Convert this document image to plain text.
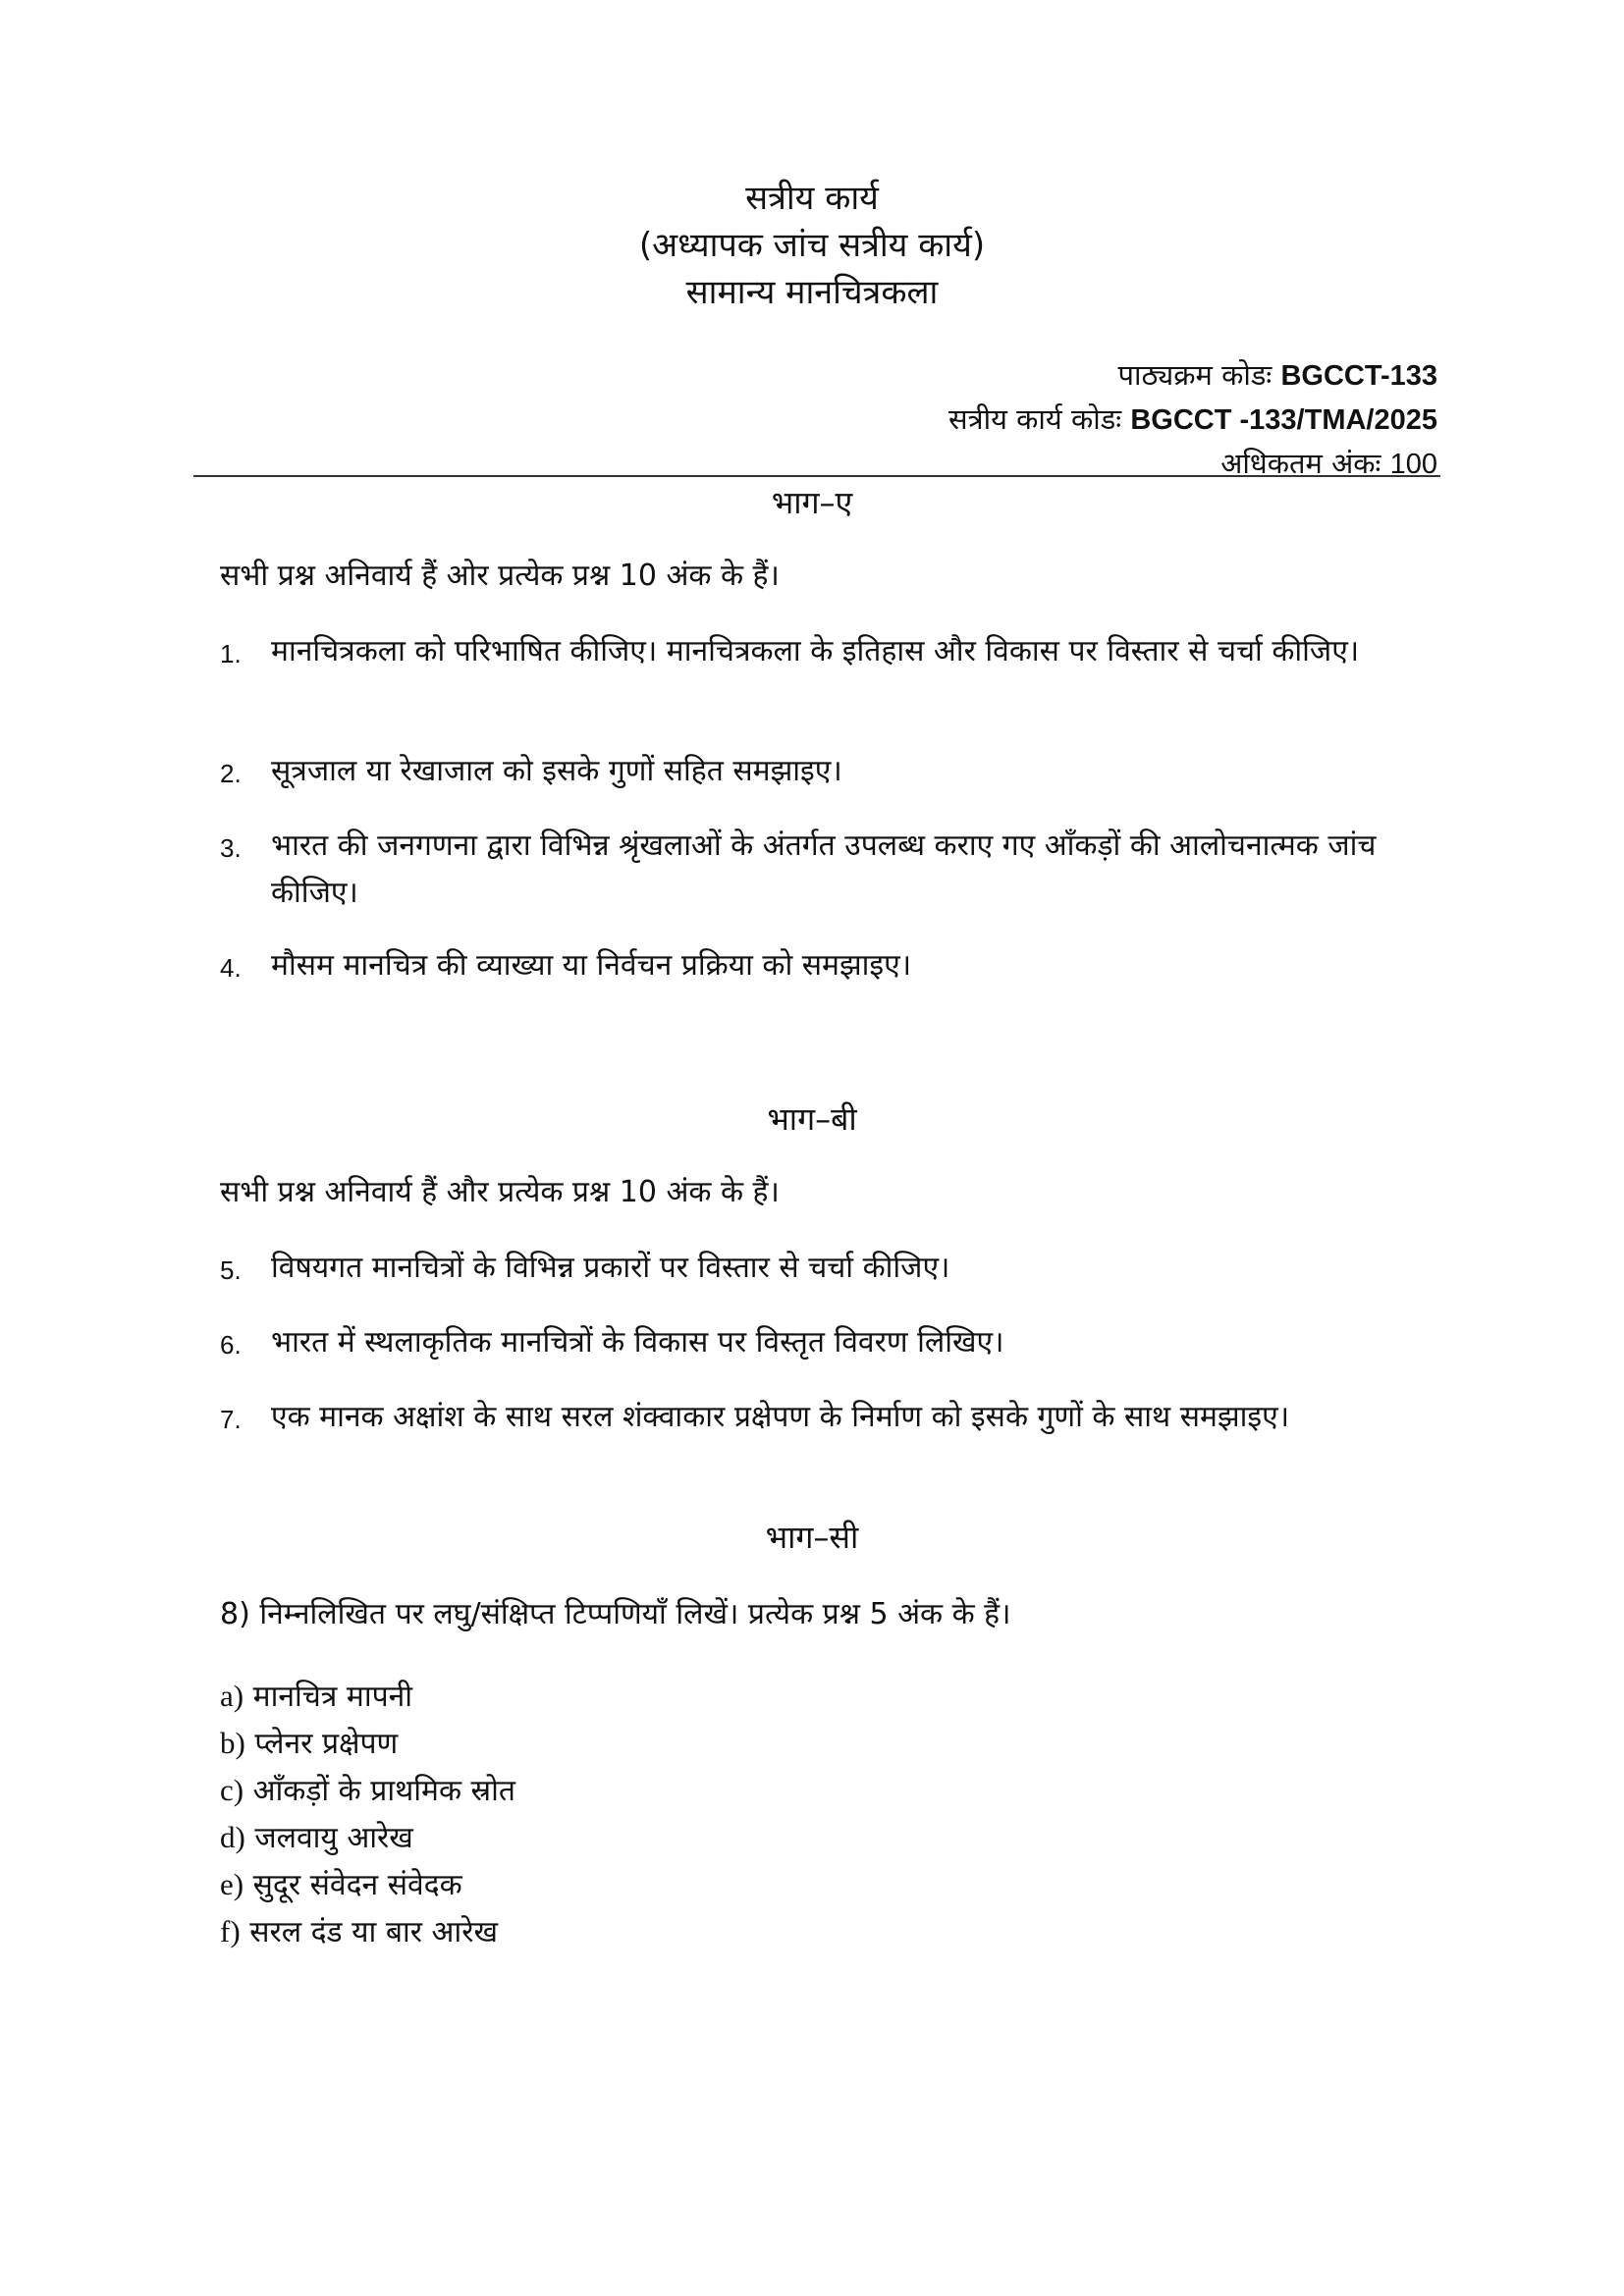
सत्रीय कार्य
(अध्यापक जांच सत्रीय कार्य)
सामान्य मानचित्रकला
पाठ्यक्रम कोडः BGCCT-133
सत्रीय कार्य कोडः BGCCT -133/TMA/2025
अधिकतम अंकः 100
भाग–ए
सभी प्रश्न अनिवार्य हैं ओर प्रत्येक प्रश्न 10 अंक के हैं।
1.	मानचित्रकला को परिभाषित कीजिए। मानचित्रकला के इतिहास और विकास पर विस्तार से चर्चा कीजिए।
2.	सूत्रजाल या रेखाजाल को इसके गुणों सहित समझाइए।
3.	भारत की जनगणना द्वारा विभिन्न श्रृंखलाओं के अंतर्गत उपलब्ध कराए गए आँकड़ों की आलोचनात्मक जांच कीजिए।
4.	मौसम मानचित्र की व्याख्या या निर्वचन प्रक्रिया को समझाइए।
भाग–बी
सभी प्रश्न अनिवार्य हैं और प्रत्येक प्रश्न 10 अंक के हैं।
5.	विषयगत मानचित्रों के विभिन्न प्रकारों पर विस्तार से चर्चा कीजिए।
6.	भारत में स्थलाकृतिक मानचित्रों के विकास पर विस्तृत विवरण लिखिए।
7.	एक मानक अक्षांश के साथ सरल शंक्वाकार प्रक्षेपण के निर्माण को इसके गुणों के साथ समझाइए।
भाग–सी
8) निम्नलिखित पर लघु/संक्षिप्त टिप्पणियाँ लिखें। प्रत्येक प्रश्न 5 अंक के हैं।
a) मानचित्र मापनी
b) प्लेनर प्रक्षेपण
c) आँकड़ों के प्राथमिक स्रोत
d) जलवायु आरेख
e) सुदूर संवेदन संवेदक
f) सरल दंड या बार आरेख
